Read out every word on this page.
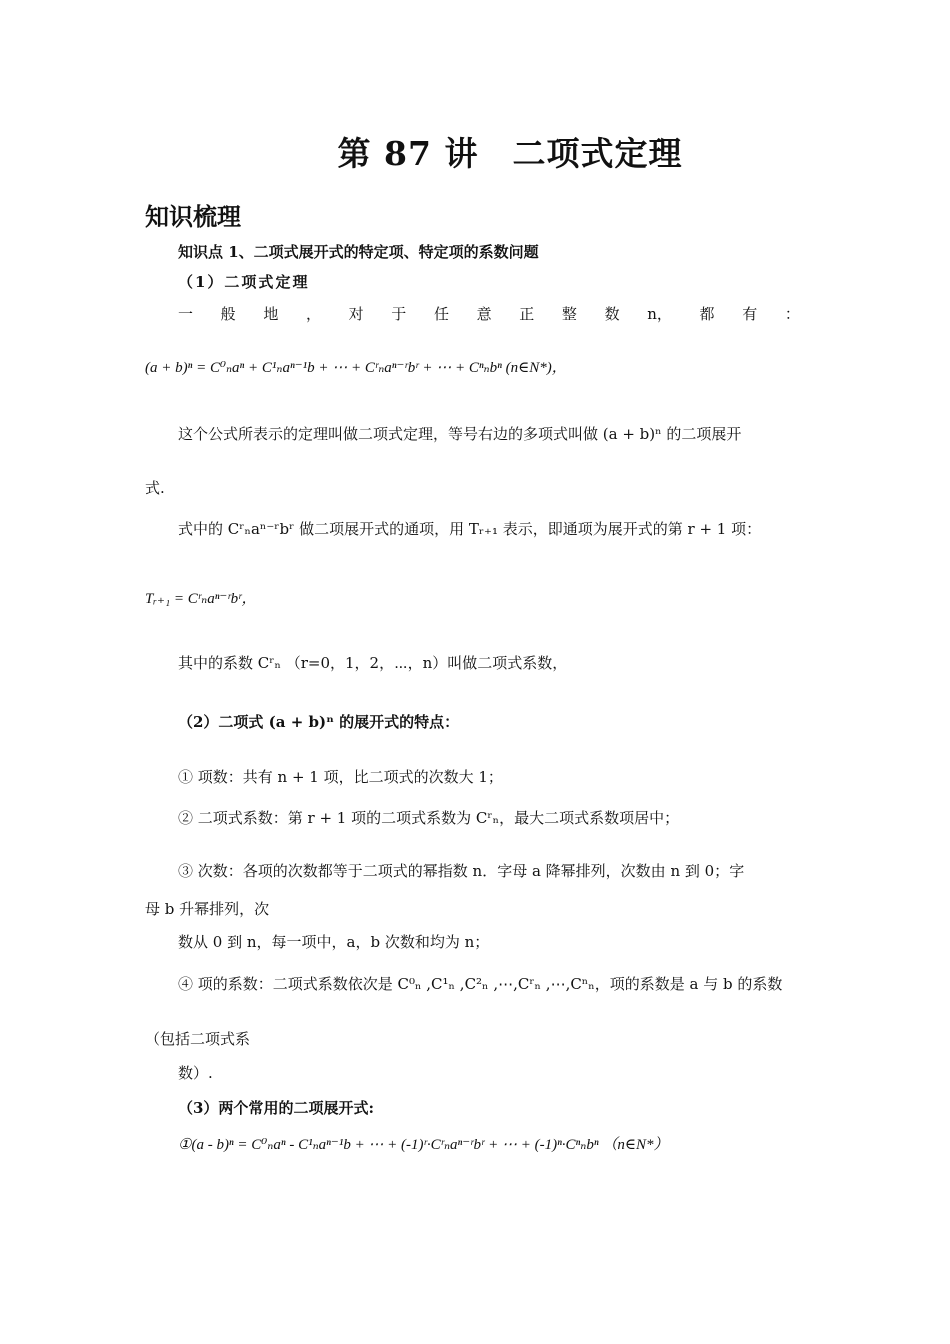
第 87 讲　二项式定理
知识梳理
知识点 1、二项式展开式的特定项、特定项的系数问题
（1）二项式定理
一 般 地 ， 对 于 任 意 正 整 数 n， 都 有 ：
(a + b)ⁿ = C⁰ₙaⁿ + C¹ₙaⁿ⁻¹b + ⋯ + Cʳₙaⁿ⁻ʳbʳ + ⋯ + Cⁿₙbⁿ (n∈N*)，
这个公式所表示的定理叫做二项式定理，等号右边的多项式叫做 (a + b)ⁿ 的二项展开
式.
式中的 Cʳₙaⁿ⁻ʳbʳ 做二项展开式的通项，用 Tᵣ₊₁ 表示，即通项为展开式的第 r + 1 项：
Tᵣ₊₁ = Cʳₙaⁿ⁻ʳbʳ，
其中的系数 Cʳₙ （r=0，1，2，⋯，n）叫做二项式系数，
（2）二项式 (a + b)ⁿ 的展开式的特点：
① 项数：共有 n + 1 项，比二项式的次数大 1；
② 二项式系数：第 r + 1 项的二项式系数为 Cʳₙ，最大二项式系数项居中；
③ 次数：各项的次数都等于二项式的幂指数 n．字母 a 降幂排列，次数由 n 到 0；字
母 b 升幂排列，次
数从 0 到 n，每一项中，a，b 次数和均为 n；
④ 项的系数：二项式系数依次是 C⁰ₙ ,C¹ₙ ,C²ₙ ,⋯,Cʳₙ ,⋯,Cⁿₙ，项的系数是 a 与 b 的系数
（包括二项式系
数）.
（3）两个常用的二项展开式:
①(a - b)ⁿ = C⁰ₙaⁿ - C¹ₙaⁿ⁻¹b + ⋯ + (-1)ʳ·Cʳₙaⁿ⁻ʳbʳ + ⋯ + (-1)ⁿ·Cⁿₙbⁿ （n∈N*）
